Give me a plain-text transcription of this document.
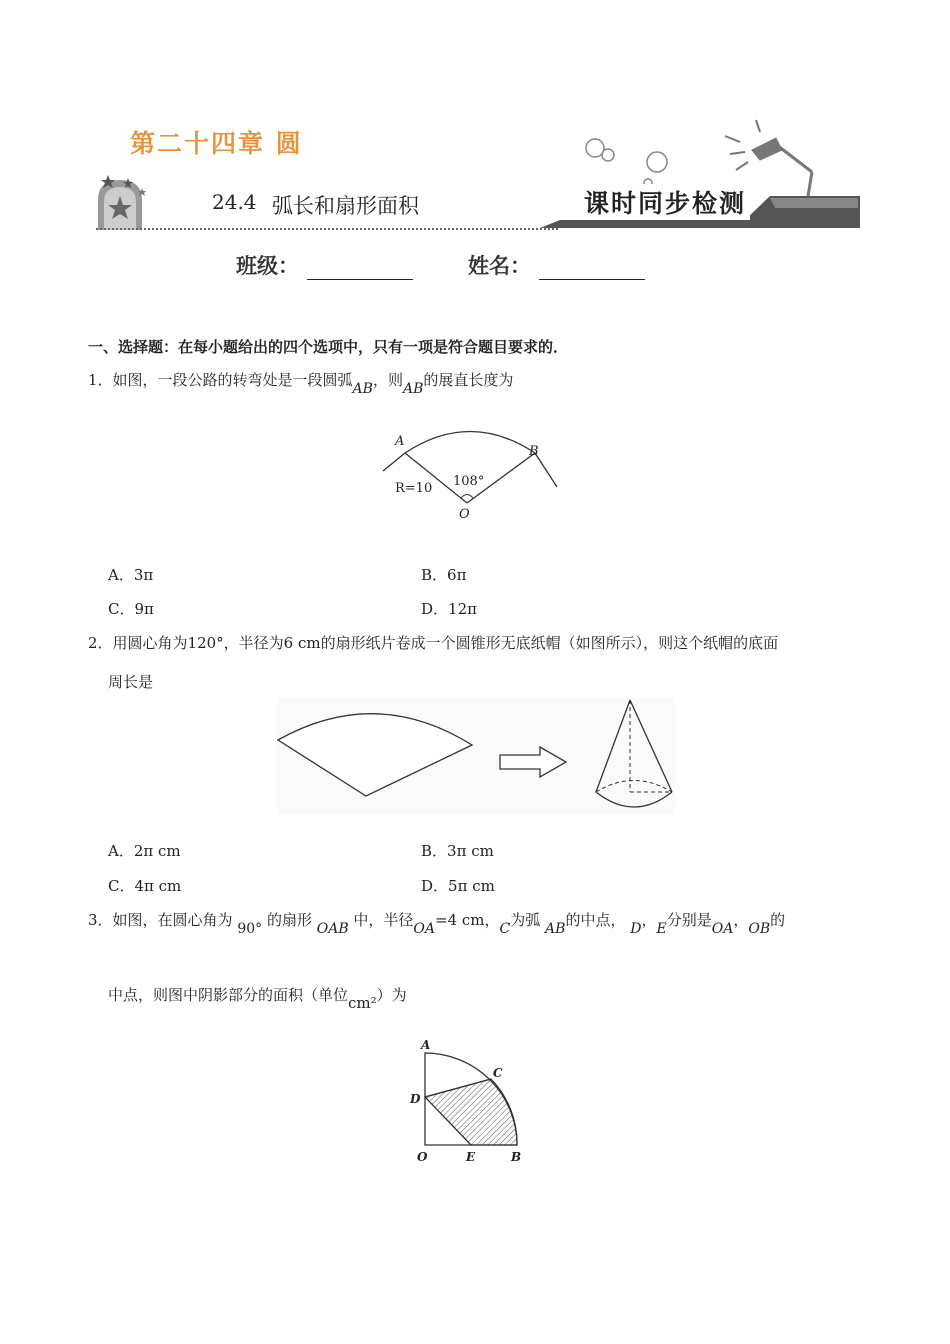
第二十四章 圆
24.4 弧长和扇形面积	课时同步检测
班级：	姓名：
一、选择题：在每小题给出的四个选项中，只有一项是符合题目要求的．
1．如图，一段公路的转弯处是一段圆弧AB，则AB的展直长度为
A
B
O
R=10 108°
A．3π	B．6π
C．9π	D．12π
2．用圆心角为120°，半径为6 cm的扇形纸片卷成一个圆锥形无底纸帽（如图所示），则这个纸帽的底面
周长是
A．2π cm	B．3π cm
C．4π cm	D．5π cm
3．如图，在圆心角为 90° 的扇形 OAB 中，半径OA=4 cm，C为弧 AB的中点， D，E分别是OA，OB的
中点，则图中阴影部分的面积（单位cm²）为
A
C
D
O	E	B
